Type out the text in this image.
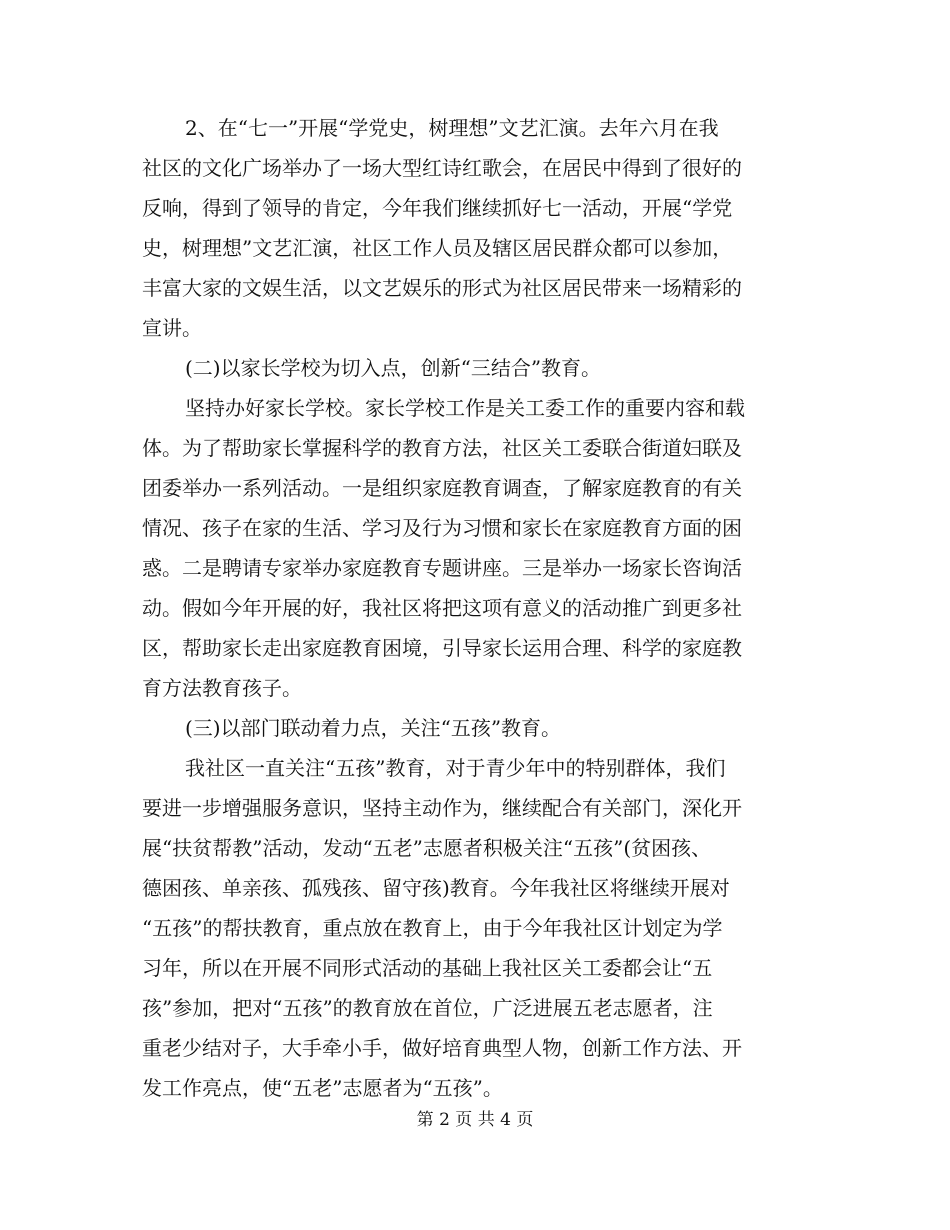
2、在“七一”开展“学党史，树理想”文艺汇演。去年六月在我
社区的文化广场举办了一场大型红诗红歌会，在居民中得到了很好的
反响，得到了领导的肯定，今年我们继续抓好七一活动，开展“学党
史，树理想”文艺汇演，社区工作人员及辖区居民群众都可以参加，
丰富大家的文娱生活，以文艺娱乐的形式为社区居民带来一场精彩的
宣讲。
(二)以家长学校为切入点，创新“三结合”教育。
坚持办好家长学校。家长学校工作是关工委工作的重要内容和载
体。为了帮助家长掌握科学的教育方法，社区关工委联合街道妇联及
团委举办一系列活动。一是组织家庭教育调查，了解家庭教育的有关
情况、孩子在家的生活、学习及行为习惯和家长在家庭教育方面的困
惑。二是聘请专家举办家庭教育专题讲座。三是举办一场家长咨询活
动。假如今年开展的好，我社区将把这项有意义的活动推广到更多社
区，帮助家长走出家庭教育困境，引导家长运用合理、科学的家庭教
育方法教育孩子。
(三)以部门联动着力点，关注“五孩”教育。
我社区一直关注“五孩”教育，对于青少年中的特别群体，我们
要进一步增强服务意识，坚持主动作为，继续配合有关部门，深化开
展“扶贫帮教”活动，发动“五老”志愿者积极关注“五孩”(贫困孩、
德困孩、单亲孩、孤残孩、留守孩)教育。今年我社区将继续开展对
“五孩”的帮扶教育，重点放在教育上，由于今年我社区计划定为学
习年，所以在开展不同形式活动的基础上我社区关工委都会让“五
孩”参加，把对“五孩”的教育放在首位，广泛进展五老志愿者，注
重老少结对子，大手牵小手，做好培育典型人物，创新工作方法、开
发工作亮点，使“五老”志愿者为“五孩”。
第 2 页 共 4 页
